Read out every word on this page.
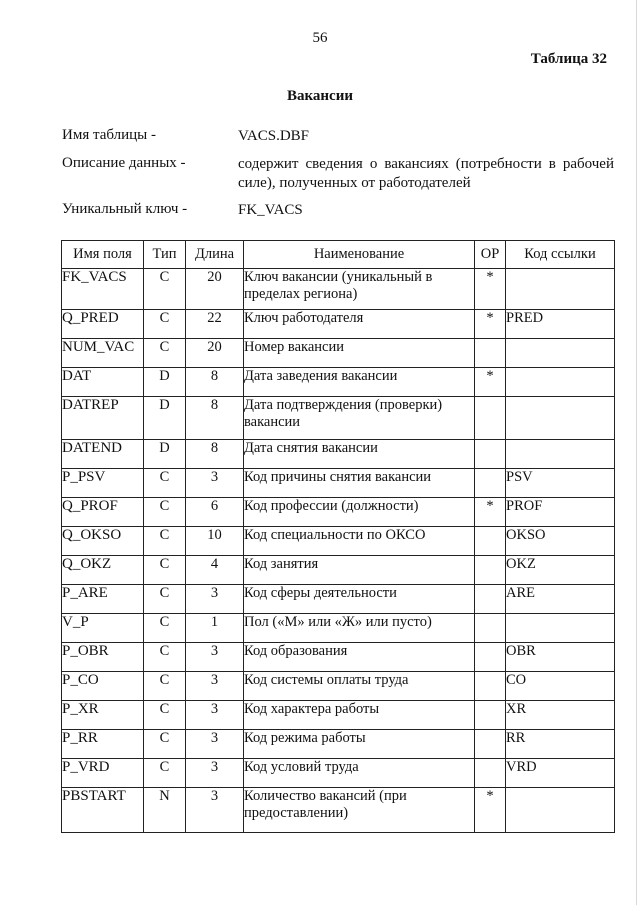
56
Таблица 32
Вакансии
Имя таблицы -	VACS.DBF
Описание данных -	содержит сведения о вакансиях (потребности в рабочей силе), полученных от работодателей
Уникальный ключ -	FK_VACS
Имя поля	Тип	Длина	Наименование	ОР	Код ссылки
FK_VACS	C	20	Ключ вакансии (уникальный в пределах региона)	*	
Q_PRED	C	22	Ключ работодателя	*	PRED
NUM_VAC	C	20	Номер вакансии		
DAT	D	8	Дата заведения вакансии	*	
DATREP	D	8	Дата подтверждения (проверки) вакансии		
DATEND	D	8	Дата снятия вакансии		
P_PSV	C	3	Код причины снятия вакансии		PSV
Q_PROF	C	6	Код профессии (должности)	*	PROF
Q_OKSO	C	10	Код специальности по ОКСО		OKSO
Q_OKZ	C	4	Код занятия		OKZ
P_ARE	C	3	Код сферы деятельности		ARE
V_P	C	1	Пол («М» или «Ж» или пусто)		
P_OBR	C	3	Код образования		OBR
P_CO	C	3	Код системы оплаты труда		CO
P_XR	C	3	Код характера работы		XR
P_RR	C	3	Код режима работы		RR
P_VRD	C	3	Код условий труда		VRD
PBSTART	N	3	Количество вакансий (при предоставлении)	*	
